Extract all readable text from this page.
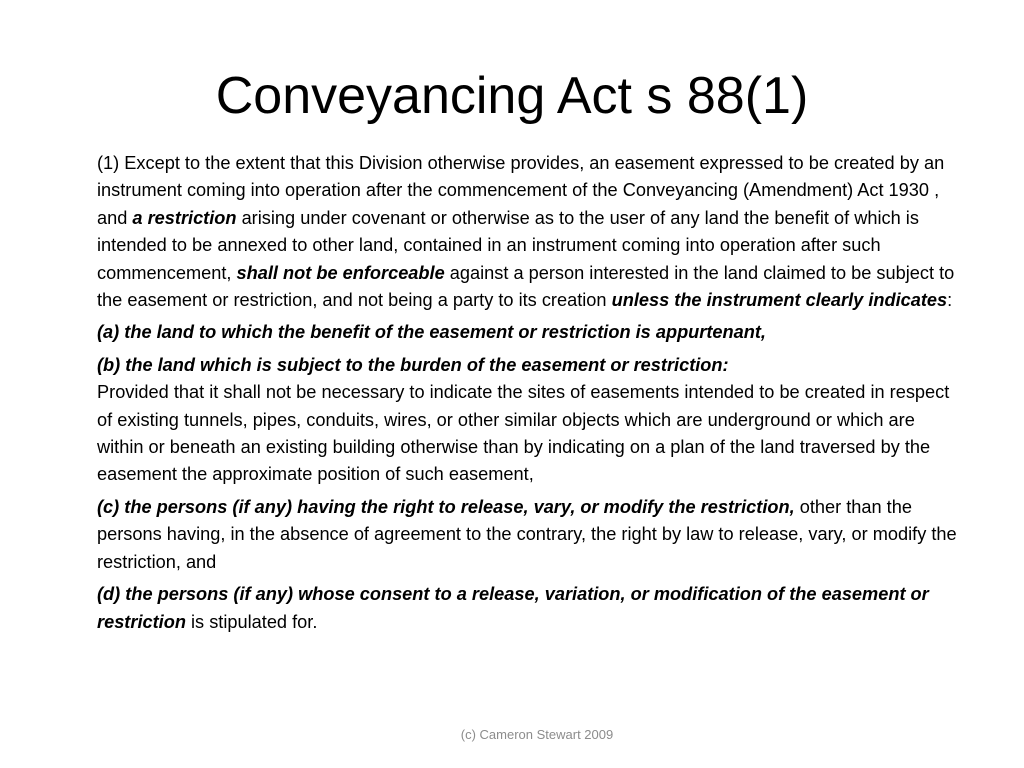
Conveyancing Act s 88(1)

(1) Except to the extent that this Division otherwise provides, an easement expressed to be created by an instrument coming into operation after the commencement of the Conveyancing (Amendment) Act 1930 , and a restriction arising under covenant or otherwise as to the user of any land the benefit of which is intended to be annexed to other land, contained in an instrument coming into operation after such commencement, shall not be enforceable against a person interested in the land claimed to be subject to the easement or restriction, and not being a party to its creation unless the instrument clearly indicates:

(a) the land to which the benefit of the easement or restriction is appurtenant,

(b) the land which is subject to the burden of the easement or restriction:
Provided that it shall not be necessary to indicate the sites of easements intended to be created in respect of existing tunnels, pipes, conduits, wires, or other similar objects which are underground or which are within or beneath an existing building otherwise than by indicating on a plan of the land traversed by the easement the approximate position of such easement,

(c) the persons (if any) having the right to release, vary, or modify the restriction, other than the persons having, in the absence of agreement to the contrary, the right by law to release, vary, or modify the restriction, and

(d) the persons (if any) whose consent to a release, variation, or modification of the easement or restriction is stipulated for.

(c) Cameron Stewart 2009
